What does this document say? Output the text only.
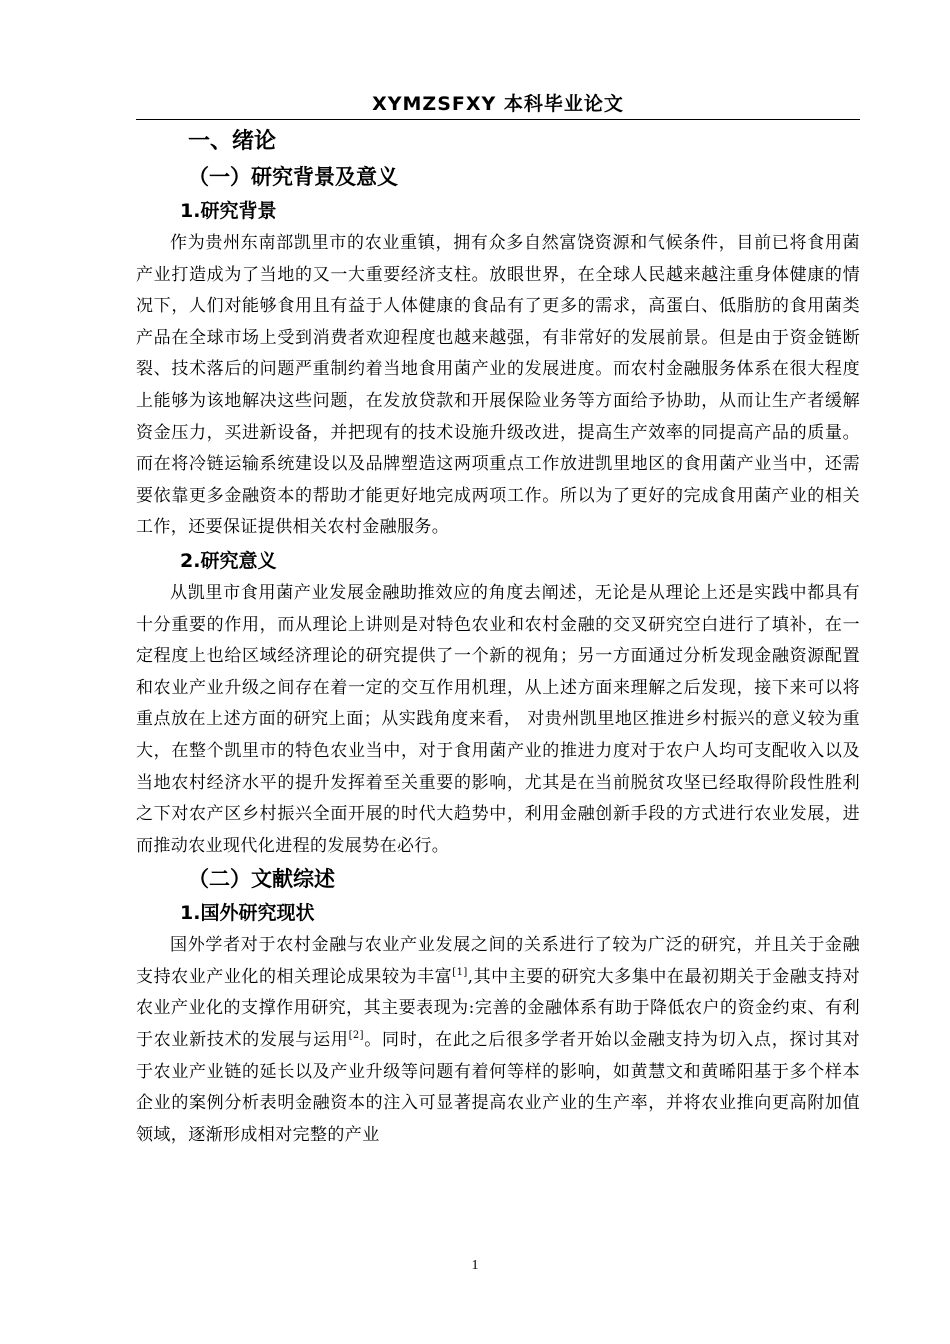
XYMZSFXY 本科毕业论文
一、绪论
（一）研究背景及意义
1.研究背景

作为贵州东南部凯里市的农业重镇，拥有众多自然富饶资源和气候条件，目前已将食用菌产业打造成为了当地的又一大重要经济支柱。放眼世界，在全球人民越来越注重身体健康的情况下，人们对能够食用且有益于人体健康的食品有了更多的需求，高蛋白、低脂肪的食用菌类产品在全球市场上受到消费者欢迎程度也越来越强，有非常好的发展前景。但是由于资金链断裂、技术落后的问题严重制约着当地食用菌产业的发展进度。而农村金融服务体系在很大程度上能够为该地解决这些问题，在发放贷款和开展保险业务等方面给予协助，从而让生产者缓解资金压力，买进新设备，并把现有的技术设施升级改进，提高生产效率的同提高产品的质量。而在将冷链运输系统建设以及品牌塑造这两项重点工作放进凯里地区的食用菌产业当中，还需要依靠更多金融资本的帮助才能更好地完成两项工作。所以为了更好的完成食用菌产业的相关工作，还要保证提供相关农村金融服务。

2.研究意义

从凯里市食用菌产业发展金融助推效应的角度去阐述，无论是从理论上还是实践中都具有十分重要的作用，而从理论上讲则是对特色农业和农村金融的交叉研究空白进行了填补，在一定程度上也给区域经济理论的研究提供了一个新的视角；另一方面通过分析发现金融资源配置和农业产业升级之间存在着一定的交互作用机理，从上述方面来理解之后发现，接下来可以将重点放在上述方面的研究上面；从实践角度来看， 对贵州凯里地区推进乡村振兴的意义较为重大，在整个凯里市的特色农业当中，对于食用菌产业的推进力度对于农户人均可支配收入以及当地农村经济水平的提升发挥着至关重要的影响，尤其是在当前脱贫攻坚已经取得阶段性胜利之下对农产区乡村振兴全面开展的时代大趋势中，利用金融创新手段的方式进行农业发展，进而推动农业现代化进程的发展势在必行。

（二）文献综述
1.国外研究现状

国外学者对于农村金融与农业产业发展之间的关系进行了较为广泛的研究，并且关于金融支持农业产业化的相关理论成果较为丰富[1],其中主要的研究大多集中在最初期关于金融支持对农业产业化的支撑作用研究，其主要表现为:完善的金融体系有助于降低农户的资金约束、有利于农业新技术的发展与运用[2]。同时，在此之后很多学者开始以金融支持为切入点，探讨其对于农业产业链的延长以及产业升级等问题有着何等样的影响，如黄慧文和黄晞阳基于多个样本企业的案例分析表明金融资本的注入可显著提高农业产业的生产率，并将农业推向更高附加值领域，逐渐形成相对完整的产业

1
